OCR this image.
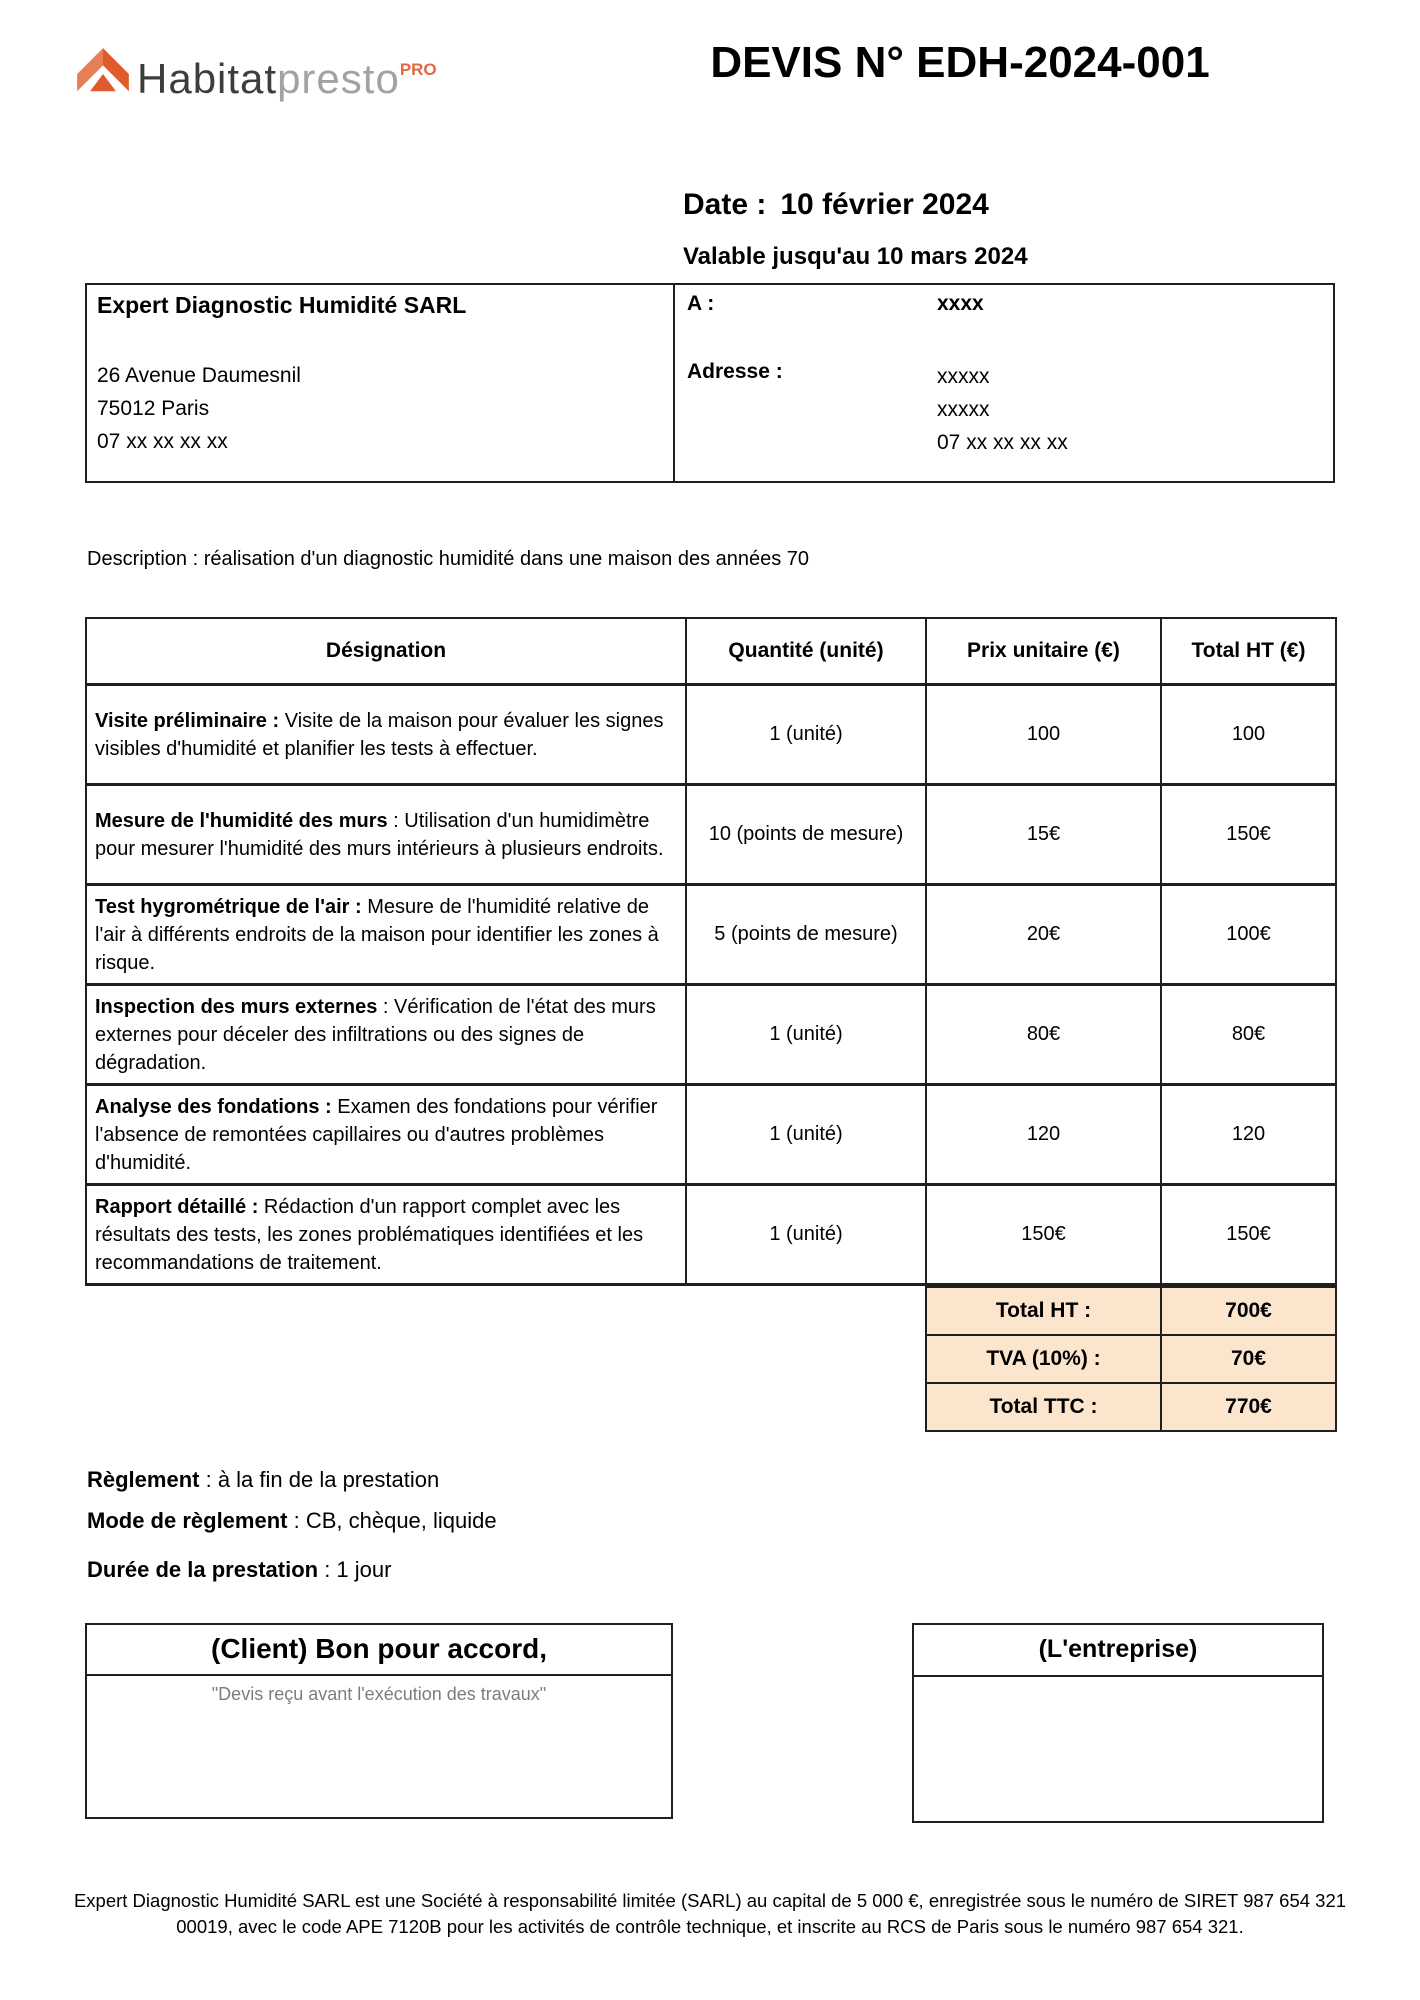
Habitatpresto$^{PRO}$	DEVIS N° EDH-2024-001
Date : 10 février 2024
Valable jusqu'au 10 mars 2024
Expert Diagnostic Humidité SARL
26 Avenue Daumesnil
75012 Paris
07 xx xx xx xx
A :	xxxx
Adresse :	xxxxx
xxxxx
07 xx xx xx xx
Description : réalisation d'un diagnostic humidité dans une maison des années 70
Désignation	Quantité (unité)	Prix unitaire (€)	Total HT (€)
Visite préliminaire : Visite de la maison pour évaluer les signes visibles d'humidité et planifier les tests à effectuer.	1 (unité)	100	100
Mesure de l'humidité des murs : Utilisation d'un humidimètre pour mesurer l'humidité des murs intérieurs à plusieurs endroits.	10 (points de mesure)	15€	150€
Test hygrométrique de l'air : Mesure de l'humidité relative de l'air à différents endroits de la maison pour identifier les zones à risque.	5 (points de mesure)	20€	100€
Inspection des murs externes : Vérification de l'état des murs externes pour déceler des infiltrations ou des signes de dégradation.	1 (unité)	80€	80€
Analyse des fondations : Examen des fondations pour vérifier l'absence de remontées capillaires ou d'autres problèmes d'humidité.	1 (unité)	120	120
Rapport détaillé : Rédaction d'un rapport complet avec les résultats des tests, les zones problématiques identifiées et les recommandations de traitement.	1 (unité)	150€	150€
Total HT :	700€
TVA (10%) :	70€
Total TTC :	770€
Règlement : à la fin de la prestation
Mode de règlement : CB, chèque, liquide
Durée de la prestation : 1 jour
(Client) Bon pour accord,
"Devis reçu avant l'exécution des travaux"
(L'entreprise)
Expert Diagnostic Humidité SARL est une Société à responsabilité limitée (SARL) au capital de 5 000 €, enregistrée sous le numéro de SIRET 987 654 321 00019, avec le code APE 7120B pour les activités de contrôle technique, et inscrite au RCS de Paris sous le numéro 987 654 321.
